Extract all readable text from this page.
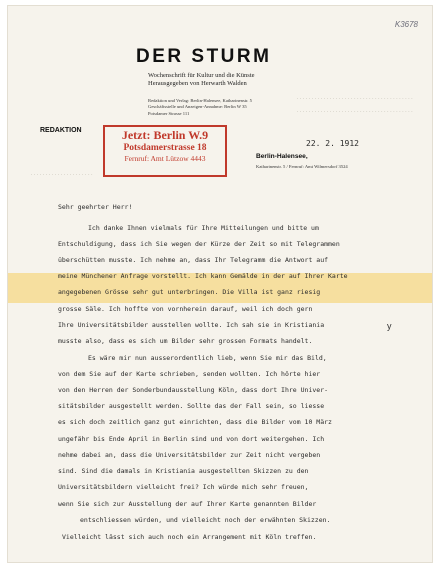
K3678
DER STURM
Wochenschrift für Kultur und die Künste
Herausgegeben von Herwarth Walden
Redaktion und Verlag: Berlin-Halensee, Katharinenstr. 5
Geschäftsstelle und Anzeigen-Annahme: Berlin W 35
Potsdamer Strasse 111
.......................................
.......................................
.....................
REDAKTION	Jetzt: Berlin W.9
Potsdamerstrasse 18
Fernruf: Amt Lützow 4443
22. 2. 1912
Berlin-Halensee,
Katharinenstr. 5 / Fernruf: Amt Wilmersdorf 3524
Sehr geehrter Herr!
Ich danke Ihnen vielmals für Ihre Mitteilungen und bitte um
Entschuldigung, dass ich Sie wegen der Kürze der Zeit so mit Telegrammen
überschütten musste. Ich nehme an, dass Ihr Telegramm die Antwort auf
meine Münchener Anfrage vorstellt. Ich kann Gemälde in der auf Ihrer Karte
angegebenen Grösse sehr gut unterbringen. Die Villa ist ganz riesig
grosse Säle. Ich hoffte von vornherein darauf, weil ich doch gern
Ihre Universitätsbilder ausstellen wollte. Ich sah sie in Kristiania
musste also, dass es sich um Bilder sehr grossen Formats handelt.
Es wäre mir nun ausserordentlich lieb, wenn Sie mir das Bild,
von dem Sie auf der Karte schrieben, senden wollten. Ich hörte hier
von den Herren der Sonderbundausstellung Köln, dass dort Ihre Univer-
sitätsbilder ausgestellt werden. Sollte das der Fall sein, so liesse
es sich doch zeitlich ganz gut einrichten, dass die Bilder vom 10 März
ungefähr bis Ende April in Berlin sind und von dort weitergehen. Ich
nehme dabei an, dass die Universitätsbilder zur Zeit nicht vergeben
sind. Sind die damals in Kristiania ausgestellten Skizzen zu den
Universitätsbildern vielleicht frei? Ich würde mich sehr freuen,
wenn Sie sich zur Ausstellung der auf Ihrer Karte genannten Bilder
entschliessen würden, und vielleicht noch der erwähnten Skizzen.
Vielleicht lässt sich auch noch ein Arrangement mit Köln treffen.
y
